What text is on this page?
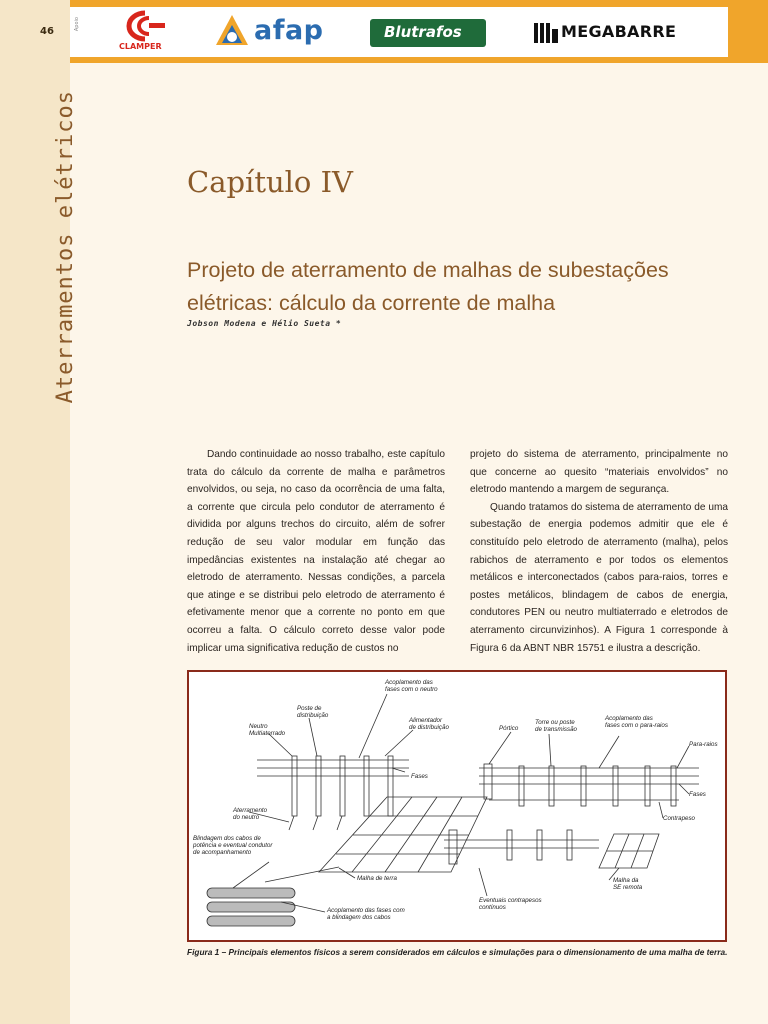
46
Apoio
CLAMPER
afap	Blutrafos	MEGABARRE
Aterramentos elétricos	Capítulo IV
Projeto de aterramento de malhas de subestações elétricas: cálculo da corrente de malha
Jobson Modena e Hélio Sueta *

Dando continuidade ao nosso trabalho, este capítulo trata do cálculo da corrente de malha e parâmetros envolvidos, ou seja, no caso da ocorrência de uma falta, a corrente que circula pelo condutor de aterramento é dividida por alguns trechos do circuito, além de sofrer redução de seu valor modular em função das impedâncias existentes na instalação até chegar ao eletrodo de aterramento. Nessas condições, a parcela que atinge e se distribui pelo eletrodo de aterramento é efetivamente menor que a corrente no ponto em que ocorreu a falta. O cálculo correto desse valor pode implicar uma significativa redução de custos no

projeto do sistema de aterramento, principalmente no que concerne ao quesito “materiais envolvidos” no eletrodo mantendo a margem de segurança.

Quando tratamos do sistema de aterramento de uma subestação de energia podemos admitir que ele é constituído pelo eletrodo de aterramento (malha), pelos rabichos de aterramento e por todos os elementos metálicos e interconectados (cabos para-raios, torres e postes metálicos, blindagem de cabos de energia, condutores PEN ou neutro multiaterrado e eletrodos de aterramento circunvizinhos). A Figura 1 corresponde à Figura 6 da ABNT NBR 15751 e ilustra a descrição.

Acoplamento das fases com o neutro
Poste de distribuição
Neutro Multiaterrado
Alimentador de distribuição	Pórtico
Torre ou poste de transmissão
Acoplamento das fases com o para-raios
Para-raios
Fases
Fases
Aterramento do neutro	Contrapeso
Blindagem dos cabos de potência e eventual condutor de acompanhamento
Malha de terra	Malha da SE remota
Eventuais contrapesos contínuos
Acoplamento das fases com a blindagem dos cabos
Figura 1 – Principais elementos físicos a serem considerados em cálculos e simulações para o dimensionamento de uma malha de terra.
